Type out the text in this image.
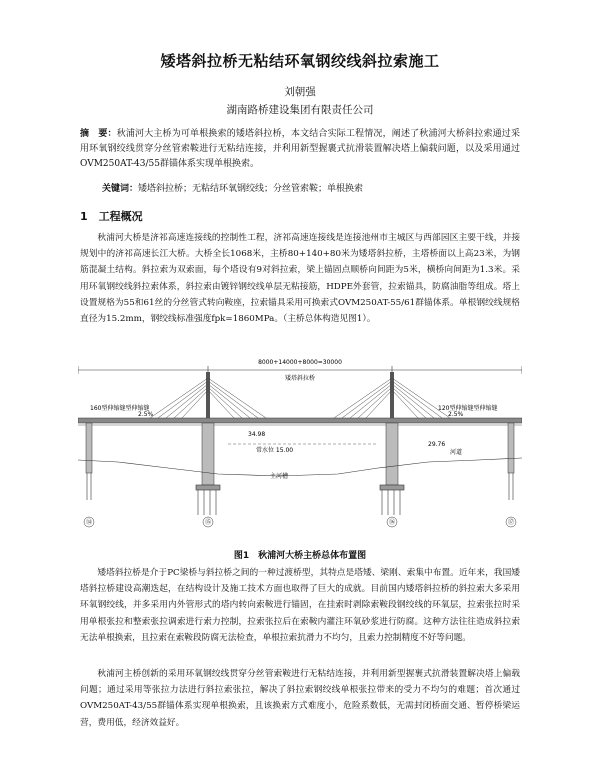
矮塔斜拉桥无粘结环氧钢绞线斜拉索施工
刘朝强
湖南路桥建设集团有限责任公司
摘　要：秋浦河大主桥为可单根换索的矮塔斜拉桥，本文结合实际工程情况，阐述了秋浦河大桥斜拉索通过采用环氧钢绞线贯穿分丝管索鞍进行无粘结连接，并利用新型握裹式抗滑装置解决塔上偏载问题，以及采用通过OVM250AT-43/55群锚体系实现单根换索。
关键词：矮塔斜拉桥；无粘结环氧钢绞线；分丝管索鞍；单根换索
1　工程概况
秋浦河大桥是济祁高速连接线的控制性工程，济祁高速连接线是连接池州市主城区与西部园区主要干线，并接规划中的济祁高速长江大桥。大桥全长1068米，主桥80+140+80米为矮塔斜拉桥，主塔桥面以上高23米，为钢筋混凝土结构。斜拉索为双索面，每个塔设有9对斜拉索，梁上锚固点顺桥向间距为5米，横桥向间距为1.3米。采用环氧钢绞线斜拉索体系，斜拉索由镀锌钢绞线单层无粘接筋，HDPE外套管，拉索锚具，防腐油脂等组成。塔上设置规格为55和61丝的分丝管式转向鞍座，拉索锚具采用可换索式OVM250AT-55/61群锚体系。单根钢绞线规格直径为15.2mm，钢绞线标准强度fpk=1860MPa。（主桥总体构造见图1）。
8000+14000+8000=30000
矮塔斜拉桥
160型伸缩缝型伸缩缝	120型伸缩缝型伸缩缝
34.98
常水位 15.00
29.76
主河槽
河道
2.5%	2.5%
⑭	⑮	⑯	⑰
图1　秋浦河大桥主桥总体布置图
矮塔斜拉桥是介于PC梁桥与斜拉桥之间的一种过渡桥型，其特点是塔矮、梁刚、索集中布置。近年来，我国矮塔斜拉桥建设高潮迭起，在结构设计及施工技术方面也取得了巨大的成就。目前国内矮塔斜拉桥的斜拉索大多采用环氧钢绞线，并多采用内外管形式的塔内转向索鞍进行锚固，在挂索时剥除索鞍段钢绞线的环氧层，拉索张拉时采用单根张拉和整索张拉调索进行索力控制，拉索张拉后在索鞍内灌注环氧砂浆进行防腐。这种方法往往造成斜拉索无法单根换索，且拉索在索鞍段防腐无法检查，单根拉索抗滑力不均匀，且索力控制精度不好等问题。
秋浦河主桥创新的采用环氧钢绞线贯穿分丝管索鞍进行无粘结连接，并利用新型握裹式抗滑装置解决塔上偏载问题；通过采用等张拉力法进行斜拉索张拉，解决了斜拉索钢绞线单根张拉带来的受力不均匀的难题；首次通过OVM250AT-43/55群锚体系实现单根换索，且该换索方式难度小，危险系数低，无需封闭桥面交通、暂停桥梁运营，费用低，经济效益好。
